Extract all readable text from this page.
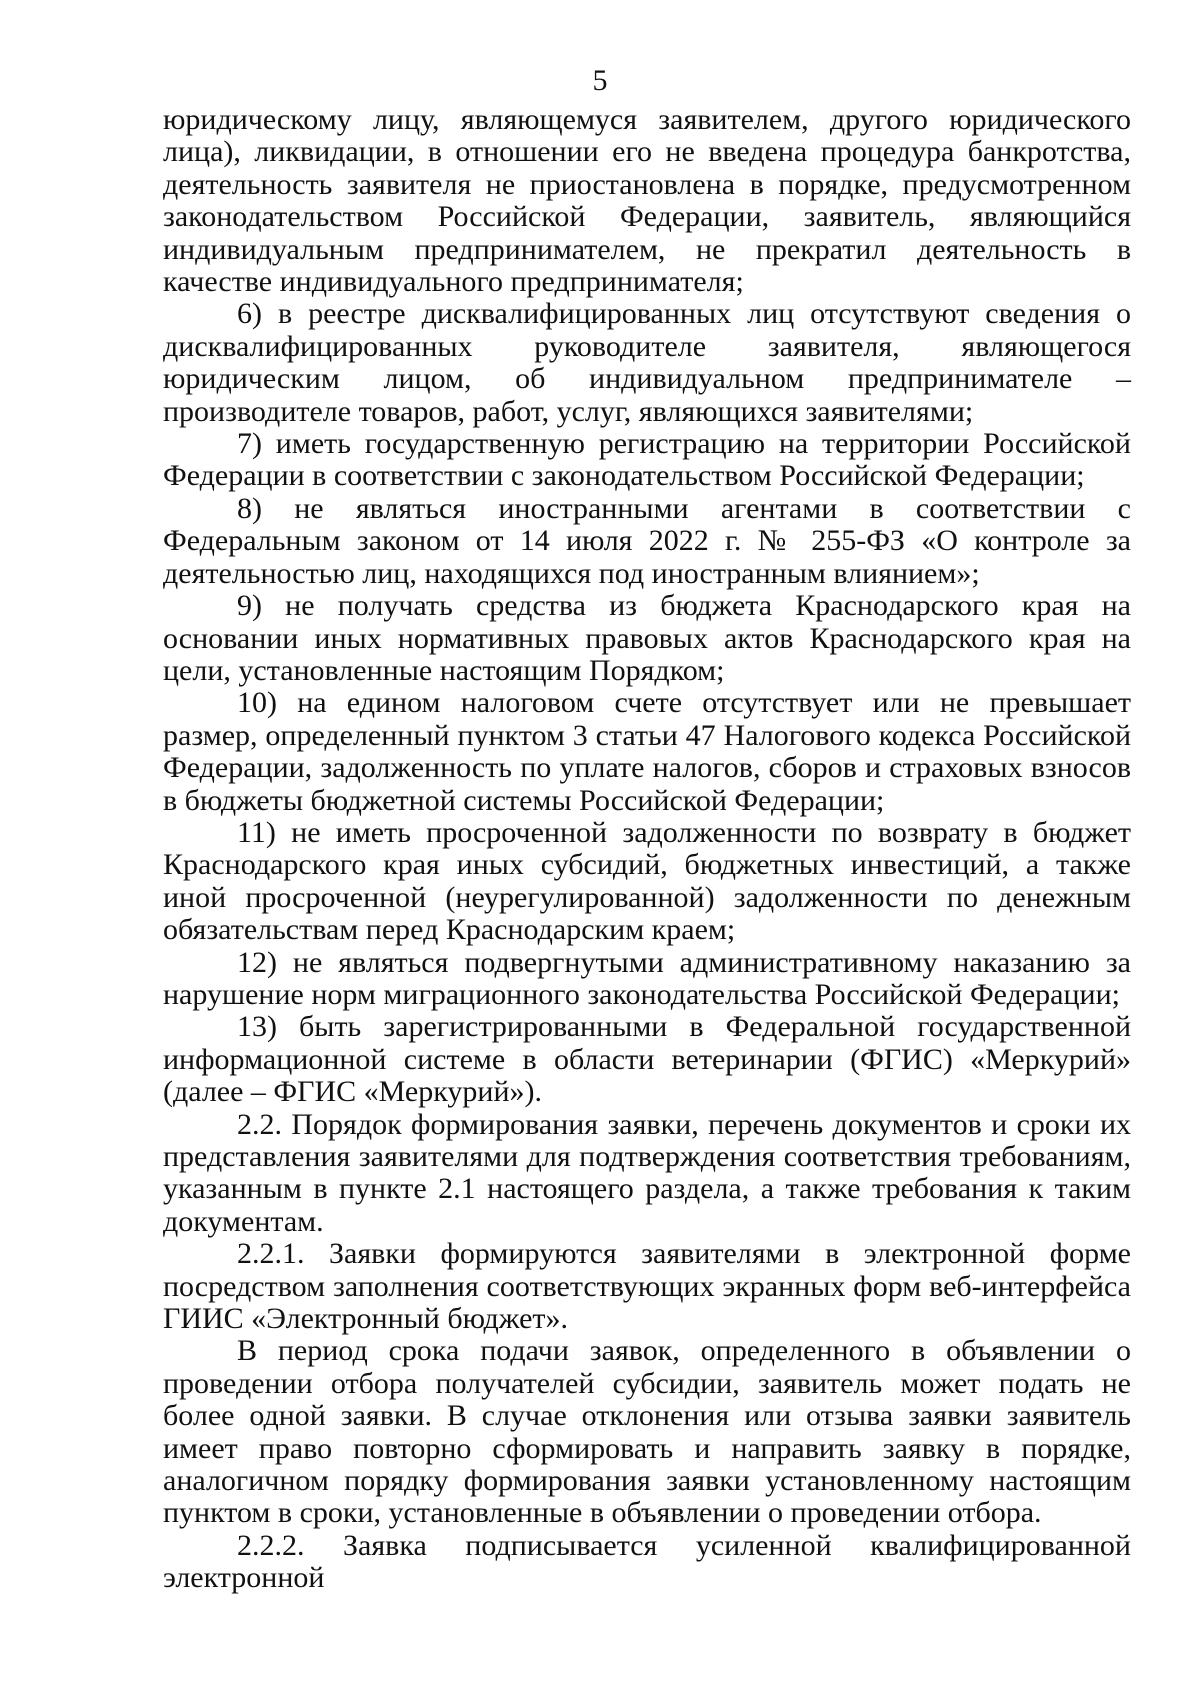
5

юридическому лицу, являющемуся заявителем, другого юридического лица), ликвидации, в отношении его не введена процедура банкротства, деятельность заявителя не приостановлена в порядке, предусмотренном законодательством Российской Федерации, заявитель, являющийся индивидуальным предпринимателем, не прекратил деятельность в качестве индивидуального предпринимателя;

6) в реестре дисквалифицированных лиц отсутствуют сведения о дисквалифицированных руководителе заявителя, являющегося юридическим лицом, об индивидуальном предпринимателе – производителе товаров, работ, услуг, являющихся заявителями;

7) иметь государственную регистрацию на территории Российской Федерации в соответствии с законодательством Российской Федерации;

8) не являться иностранными агентами в соответствии с Федеральным законом от 14 июля 2022 г. № 255-ФЗ «О контроле за деятельностью лиц, находящихся под иностранным влиянием»;

9) не получать средства из бюджета Краснодарского края на основании иных нормативных правовых актов Краснодарского края на цели, установленные настоящим Порядком;

10) на едином налоговом счете отсутствует или не превышает размер, определенный пунктом 3 статьи 47 Налогового кодекса Российской Федерации, задолженность по уплате налогов, сборов и страховых взносов в бюджеты бюджетной системы Российской Федерации;

11) не иметь просроченной задолженности по возврату в бюджет Краснодарского края иных субсидий, бюджетных инвестиций, а также иной просроченной (неурегулированной) задолженности по денежным обязательствам перед Краснодарским краем;

12) не являться подвергнутыми административному наказанию за нарушение норм миграционного законодательства Российской Федерации;

13) быть зарегистрированными в Федеральной государственной информационной системе в области ветеринарии (ФГИС) «Меркурий» (далее – ФГИС «Меркурий»).

2.2. Порядок формирования заявки, перечень документов и сроки их представления заявителями для подтверждения соответствия требованиям, указанным в пункте 2.1 настоящего раздела, а также требования к таким документам.

2.2.1. Заявки формируются заявителями в электронной форме посредством заполнения соответствующих экранных форм веб-интерфейса ГИИС «Электронный бюджет».

В период срока подачи заявок, определенного в объявлении о проведении отбора получателей субсидии, заявитель может подать не более одной заявки. В случае отклонения или отзыва заявки заявитель имеет право повторно сформировать и направить заявку в порядке, аналогичном порядку формирования заявки установленному настоящим пунктом в сроки, установленные в объявлении о проведении отбора.

2.2.2. Заявка подписывается усиленной квалифицированной электронной
